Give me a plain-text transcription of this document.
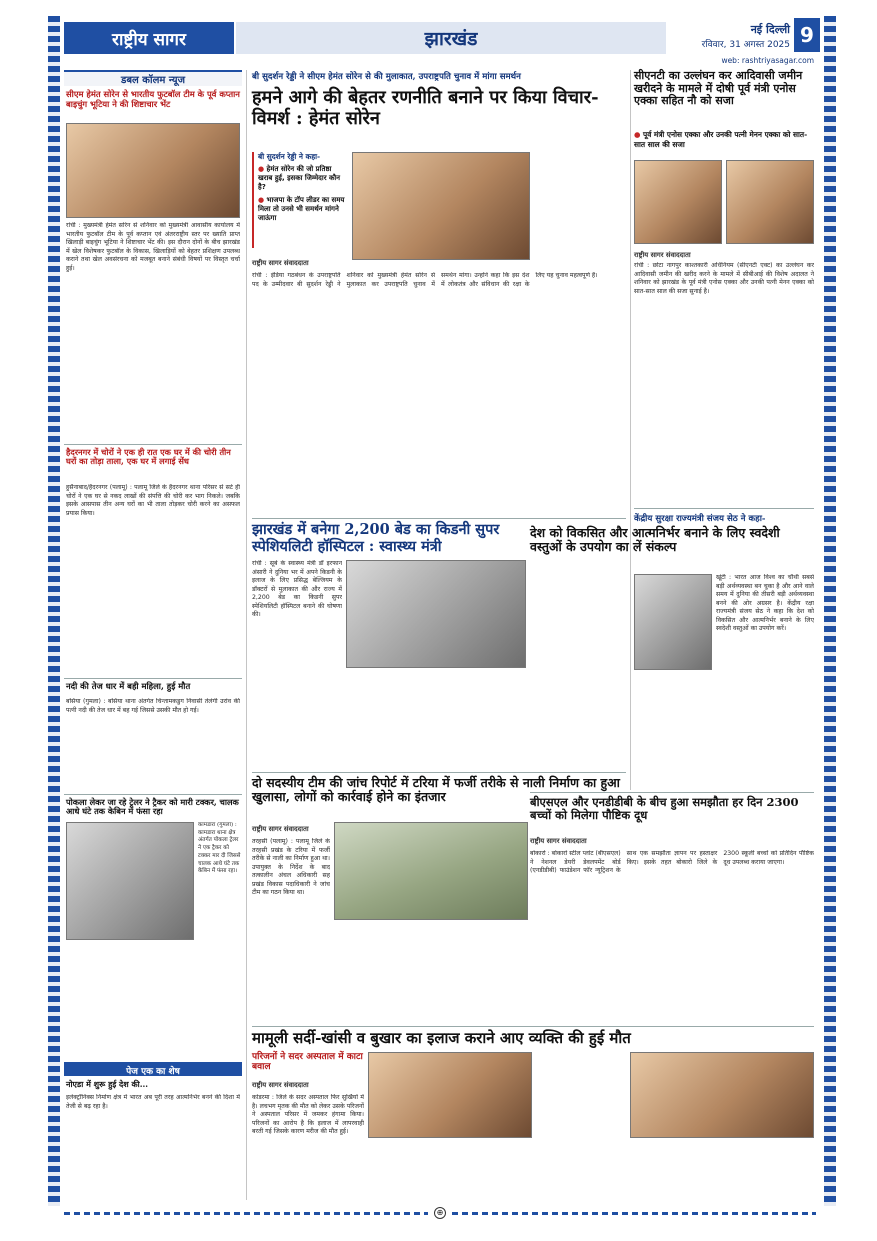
राष्ट्रीय सागर	झारखंड	नई दिल्ली
रविवार, 31 अगस्त 2025 9
web: rashtriyasagar.com
डबल कॉलम न्यूज
सीएम हेमंत सोरेन से भारतीय फुटबॉल टीम के पूर्व कप्तान बाइचुंग भूटिया ने की शिष्टाचार भेंट
रांची : मुख्यमंत्री हेमंत सोरेन से शनिवार को मुख्यमंत्री आवासीय कार्यालय में भारतीय फुटबॉल टीम के पूर्व कप्तान एवं अंतरराष्ट्रीय स्तर पर ख्याति प्राप्त खिलाड़ी बाइचुंग भूटिया ने शिष्टाचार भेंट की। इस दौरान दोनों के बीच झारखंड में खेल विशेषकर फुटबॉल के विकास, खिलाड़ियों को बेहतर प्रशिक्षण उपलब्ध कराने तथा खेल अवसंरचना को मजबूत बनाने संबंधी विषयों पर विस्तृत चर्चा हुई।
हैदरनगर में चोरों ने एक ही रात एक घर में की चोरी तीन घरों का तोड़ा ताला, एक घर में लगाई सेंध
हुसैनाबाद/हैदरनगर (पलामू) : पलामू जिले के हैदरनगर थाना परिसर से सटे ही चोरों ने एक घर से नकद लाखों की संपत्ति की चोरी कर भाग निकले। जबकि इसके आसपास तीन अन्य घरों का भी ताला तोड़कर चोरी करने का असफल प्रयास किया।
नदी की तेज धार में बही महिला, हुई मौत
बसिया (गुमला) : बसिया थाना अंतर्गत चिन्तामकडुग निवासी तेलंगी उरांव की पत्नी नदी की तेज धार में बह गई जिससे उसकी मौत हो गई।
पोकला लेकर जा रहे ट्रेलर ने ट्रैकर को मारी टक्कर, चालक आधे घंटे तक केबिन में फंसा रहा
कामडारा (गुमला) : कामडारा थाना क्षेत्र अंतर्गत पोकला ट्रेलर ने एक ट्रैकर को टक्कर मार दी जिससे चालक आधे घंटे तक केबिन में फंसा रहा।
पेज एक का शेष
नोएडा में शुरू हुई देश की...
इलेक्ट्रॉनिक्स निर्माण क्षेत्र में भारत अब पूरी तरह आत्मनिर्भर बनने की दिशा में तेजी से बढ़ रहा है।
बी सुदर्शन रेड्डी ने सीएम हेमंत सोरेन से की मुलाकात, उपराष्ट्रपति चुनाव में मांगा समर्थन
हमने आगे की बेहतर रणनीति बनाने पर किया विचार-विमर्श : हेमंत सोरेन
बी सुदर्शन रेड्डी ने कहा-
● हेमंत सोरेन की जो प्रतिष्ठा खराब हुई, इसका जिम्मेदार कौन है?
● भाजपा के टॉप लीडर का समय मिला तो उनसे भी समर्थन मांगने जाऊंगा
राष्ट्रीय सागर संवाददाता
रांची : इंडिया गठबंधन के उपराष्ट्रपति पद के उम्मीदवार बी सुदर्शन रेड्डी ने शनिवार को मुख्यमंत्री हेमंत सोरेन से मुलाकात कर उपराष्ट्रपति चुनाव में समर्थन मांगा। उन्होंने कहा कि इस देश में लोकतंत्र और संविधान की रक्षा के लिए यह चुनाव महत्वपूर्ण है।
झारखंड में बनेगा 2,200 बेड का किडनी सुपर स्पेशियलिटी हॉस्पिटल : स्वास्थ्य मंत्री
रांची : सूबे के स्वास्थ्य मंत्री डॉ इरफान अंसारी ने दुनिया भर में अपने किडनी के इलाज के लिए प्रसिद्ध बेल्जियम के डॉक्टरों से मुलाकात की और राज्य में 2,200 बेड का किडनी सुपर स्पेशियलिटी हॉस्पिटल बनाने की घोषणा की।
दो सदस्यीय टीम की जांच रिपोर्ट में टरिया में फर्जी तरीके से नाली निर्माण का हुआ खुलासा, लोगों को कार्रवाई होने का इंतजार
राष्ट्रीय सागर संवाददाता
तरहसी (पलामू) : पलामू जिले के तरहसी प्रखंड के टरिया में फर्जी तरीके से नाली का निर्माण हुआ था। उपायुक्त के निर्देश के बाद तत्कालीन अंचल अधिकारी सह प्रखंड विकास पदाधिकारी ने जांच टीम का गठन किया था।
सीएनटी का उल्लंघन कर आदिवासी जमीन खरीदने के मामले में दोषी पूर्व मंत्री एनोस एक्का सहित नौ को सजा
● पूर्व मंत्री एनोस एक्का और उनकी पत्नी मेनन एक्का को सात-सात साल की सजा
राष्ट्रीय सागर संवाददाता
रांची : छोटा नागपुर काश्तकारी अधिनियम (सीएनटी एक्ट) का उल्लंघन कर आदिवासी जमीन की खरीद करने के मामले में सीबीआई की विशेष अदालत ने शनिवार को झारखंड के पूर्व मंत्री एनोस एक्का और उनकी पत्नी मेनन एक्का को सात-सात साल की सजा सुनाई है।
केंद्रीय सुरक्षा राज्यमंत्री संजय सेठ ने कहा-
देश को विकसित और आत्मनिर्भर बनाने के लिए स्वदेशी वस्तुओं के उपयोग का लें संकल्प
खूंटी : भारत आज विश्व का चौथी सबसे बड़ी अर्थव्यवस्था बन चुका है और आने वाले समय में दुनिया की तीसरी बड़ी अर्थव्यवस्था बनने की ओर अग्रसर है। केंद्रीय रक्षा राज्यमंत्री संजय सेठ ने कहा कि देश को विकसित और आत्मनिर्भर बनाने के लिए स्वदेशी वस्तुओं का उपयोग करें।
बीएसएल और एनडीडीबी के बीच हुआ समझौता हर दिन 2300 बच्चों को मिलेगा पौष्टिक दूध
राष्ट्रीय सागर संवाददाता
बोकारो : बोकारो स्टील प्लांट (बीएसएल) ने नेशनल डेयरी डेवलपमेंट बोर्ड (एनडीडीबी) फाउंडेशन फॉर न्यूट्रिशन के साथ एक समझौता ज्ञापन पर हस्ताक्षर किए। इसके तहत बोकारो जिले के 2300 स्कूली बच्चों को प्रतिदिन पौष्टिक दूध उपलब्ध कराया जाएगा।
मामूली सर्दी-खांसी व बुखार का इलाज कराने आए व्यक्ति की हुई मौत
परिजनों ने सदर अस्पताल में काटा बवाल
राष्ट्रीय सागर संवाददाता
कोडरमा : जिले के सदर अस्पताल फिर सुर्खियों में है। लचभग मृतक की मौत को लेकर उसके परिजनों ने अस्पताल परिसर में जमकर हंगामा किया। परिजनों का आरोप है कि इलाज में लापरवाही बरती गई जिसके कारण मरीज की मौत हुई।
⊕
